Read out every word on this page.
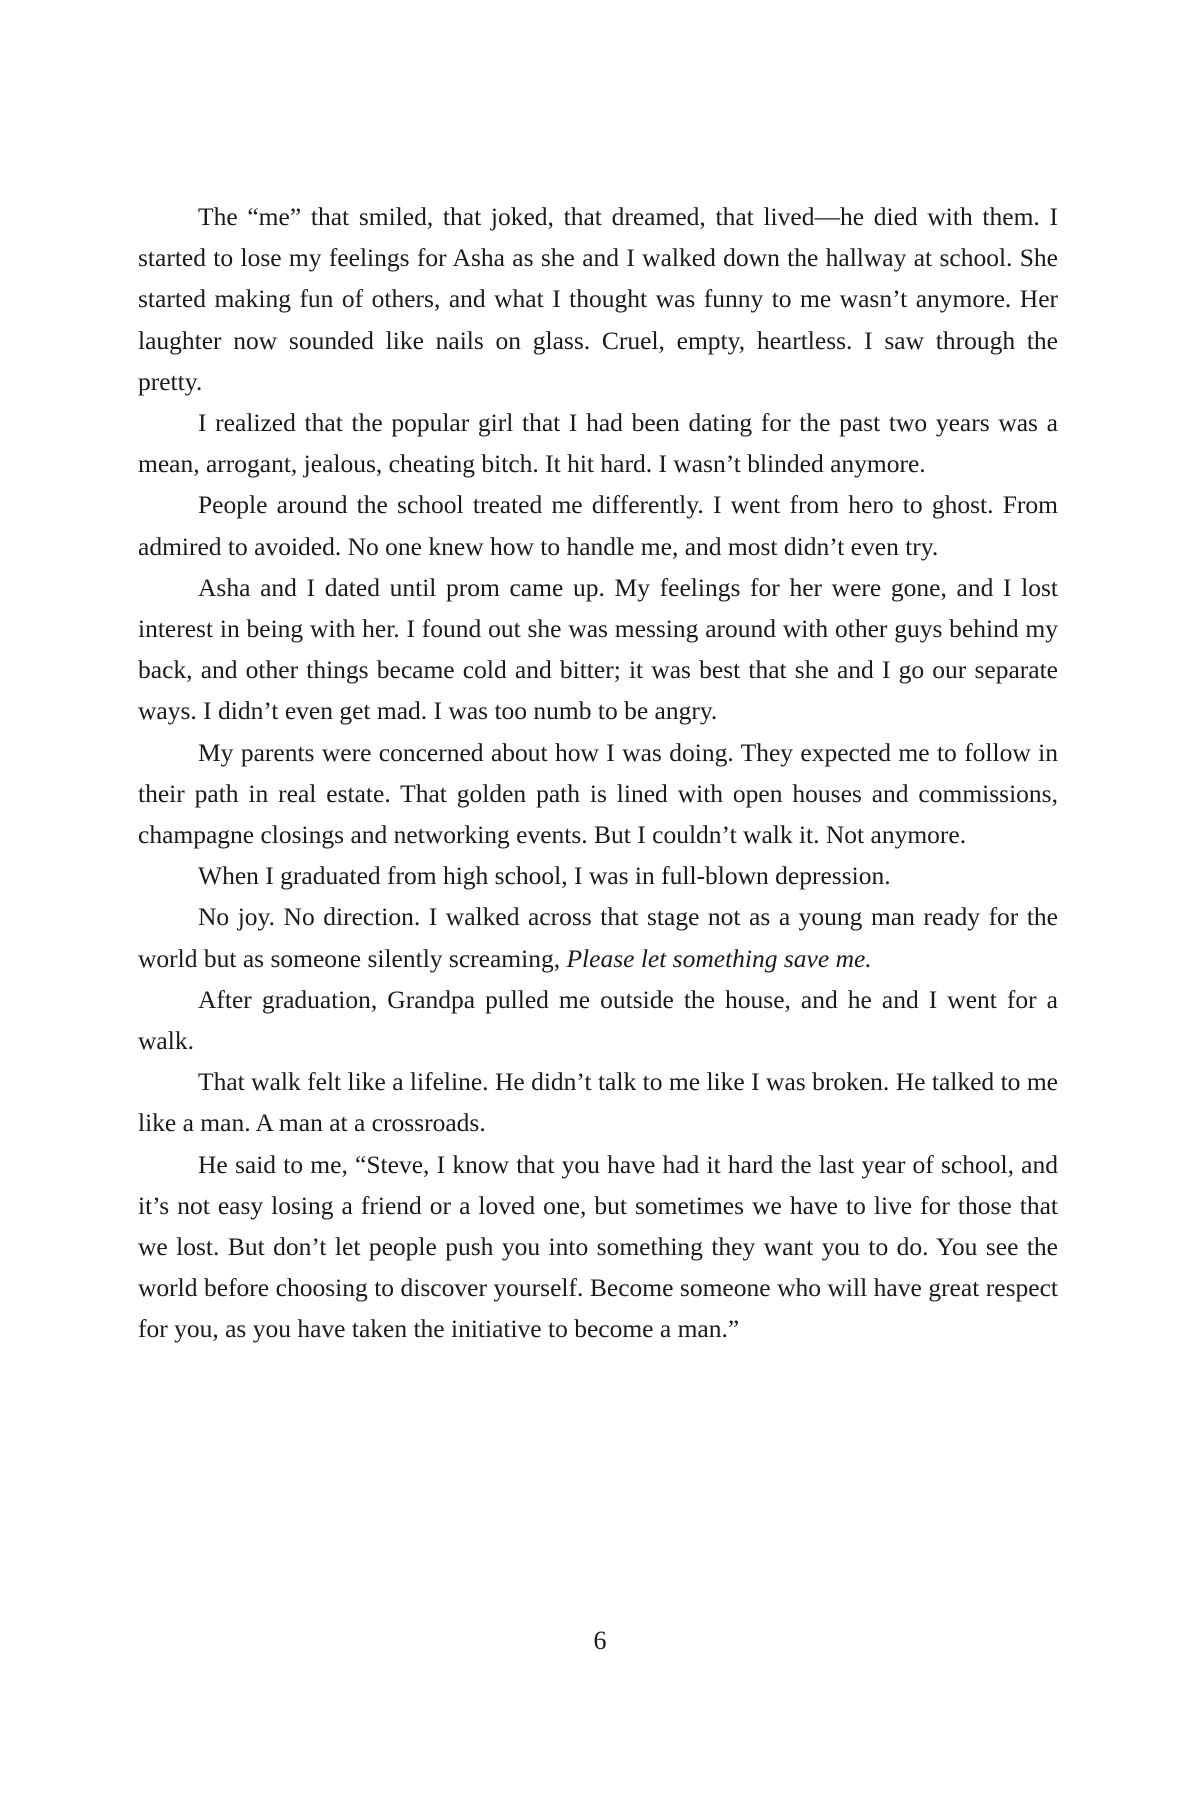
The “me” that smiled, that joked, that dreamed, that lived—he died with them. I started to lose my feelings for Asha as she and I walked down the hallway at school. She started making fun of others, and what I thought was funny to me wasn’t anymore. Her laughter now sounded like nails on glass. Cruel, empty, heartless. I saw through the pretty.

I realized that the popular girl that I had been dating for the past two years was a mean, arrogant, jealous, cheating bitch. It hit hard. I wasn’t blinded anymore.

People around the school treated me differently. I went from hero to ghost. From admired to avoided. No one knew how to handle me, and most didn’t even try.

Asha and I dated until prom came up. My feelings for her were gone, and I lost interest in being with her. I found out she was messing around with other guys behind my back, and other things became cold and bitter; it was best that she and I go our separate ways. I didn’t even get mad. I was too numb to be angry.

My parents were concerned about how I was doing. They expected me to follow in their path in real estate. That golden path is lined with open houses and commissions, champagne closings and networking events. But I couldn’t walk it. Not anymore.

When I graduated from high school, I was in full-blown depression.

No joy. No direction. I walked across that stage not as a young man ready for the world but as someone silently screaming, Please let something save me.

After graduation, Grandpa pulled me outside the house, and he and I went for a walk.

That walk felt like a lifeline. He didn’t talk to me like I was broken. He talked to me like a man. A man at a crossroads.

He said to me, “Steve, I know that you have had it hard the last year of school, and it’s not easy losing a friend or a loved one, but sometimes we have to live for those that we lost. But don’t let people push you into something they want you to do. You see the world before choosing to discover yourself. Become someone who will have great respect for you, as you have taken the initiative to become a man.”

6
